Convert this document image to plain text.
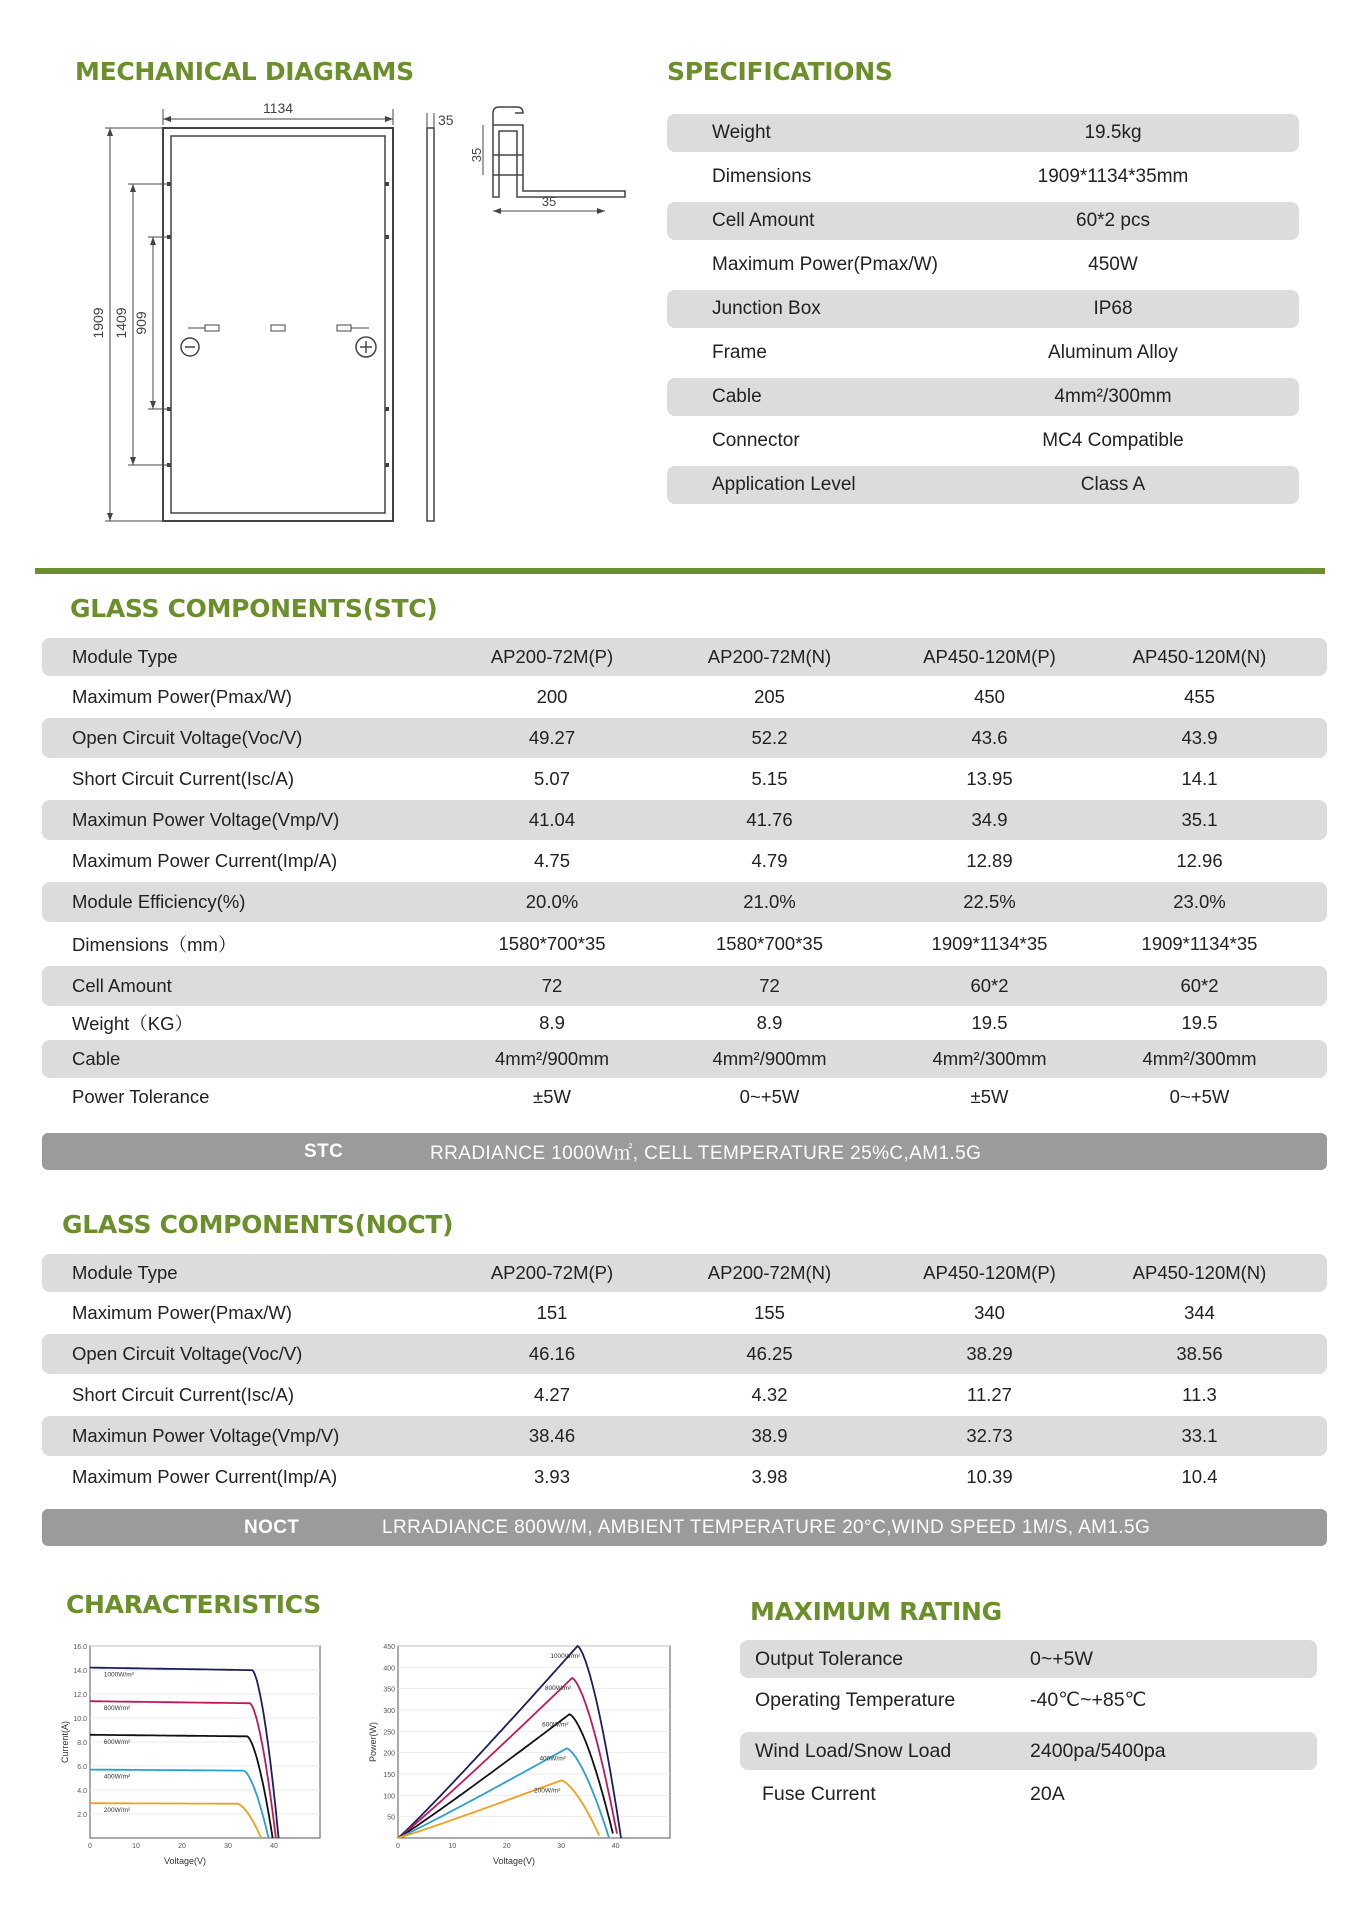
MECHANICAL DIAGRAMS
1134
1909 1409 909
35
35
35
SPECIFICATIONS
Weight	19.5kg
Dimensions	1909*1134*35mm
Cell Amount	60*2 pcs
Maximum Power(Pmax/W)	450W
Junction Box	IP68
Frame	Aluminum Alloy
Cable	4mm²/300mm
Connector	MC4 Compatible
Application Level	Class A
GLASS COMPONENTS(STC)
Module Type	AP200-72M(P)	AP200-72M(N)	AP450-120M(P)	AP450-120M(N)
Maximum Power(Pmax/W)	200	205	450	455
Open Circuit Voltage(Voc/V)	49.27	52.2	43.6	43.9
Short Circuit Current(Isc/A)	5.07	5.15	13.95	14.1
Maximun Power Voltage(Vmp/V)	41.04	41.76	34.9	35.1
Maximum Power Current(Imp/A)	4.75	4.79	12.89	12.96
Module Efficiency(%)	20.0%	21.0%	22.5%	23.0%
Dimensions（mm）	1580*700*35	1580*700*35	1909*1134*35	1909*1134*35
Cell Amount	72	72	60*2	60*2
Weight（KG）	8.9	8.9	19.5	19.5
Cable	4mm²/900mm	4mm²/900mm	4mm²/300mm	4mm²/300mm
Power Tolerance	±5W	0~+5W	±5W	0~+5W
STC	RRADIANCE 1000W㎡, CELL TEMPERATURE 25%C,AM1.5G
GLASS COMPONENTS(NOCT)
Module Type	AP200-72M(P)	AP200-72M(N)	AP450-120M(P)	AP450-120M(N)
Maximum Power(Pmax/W)	151	155	340	344
Open Circuit Voltage(Voc/V)	46.16	46.25	38.29	38.56
Short Circuit Current(Isc/A)	4.27	4.32	11.27	11.3
Maximun Power Voltage(Vmp/V)	38.46	38.9	32.73	33.1
Maximum Power Current(Imp/A)	3.93	3.98	10.39	10.4
NOCT	LRRADIANCE 800W/M, AMBIENT TEMPERATURE 20°C,WIND SPEED 1M/S, AM1.5G
CHARACTERISTICS
2.0
4.0
6.0
8.0
10.0
12.0
14.0
16.0
0	10	20	30	40
Voltage(V)
Current(A)
1000W/m²
800W/m²
600W/m²
400W/m²
200W/m²
50
100
150
200
250
300
350
400
450
0	10	20	30	40
Voltage(V)
Power(W)
1000W/m²
800W/m²
600W/m²
400W/m²
200W/m²
MAXIMUM RATING
Output Tolerance	0~+5W
Operating Temperature	-40℃~+85℃
Wind Load/Snow Load	2400pa/5400pa
Fuse Current	20A
